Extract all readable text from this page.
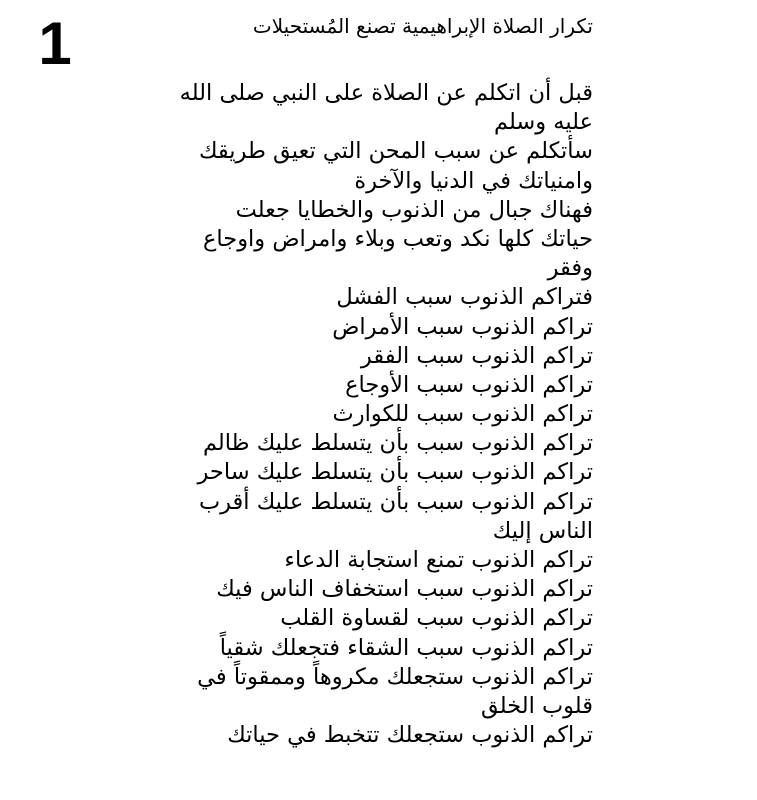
1	تكرار الصلاة الإبراهيمية تصنع المُستحيلات
قبل أن اتكلم عن الصلاة على النبي صلى الله
عليه وسلم
سأتكلم عن سبب المحن التي تعيق طريقك
وامنياتك في الدنيا والآخرة
فهناك جبال من الذنوب والخطايا جعلت
حياتك كلها نكد وتعب وبلاء وامراض واوجاع
وفقر
فتراكم الذنوب سبب الفشل
تراكم الذنوب سبب الأمراض
تراكم الذنوب سبب الفقر
تراكم الذنوب سبب الأوجاع
تراكم الذنوب سبب للكوارث
تراكم الذنوب سبب بأن يتسلط عليك ظالم
تراكم الذنوب سبب بأن يتسلط عليك ساحر
تراكم الذنوب سبب بأن يتسلط عليك أقرب
الناس إليك
تراكم الذنوب تمنع استجابة الدعاء
تراكم الذنوب سبب استخفاف الناس فيك
تراكم الذنوب سبب لقساوة القلب
تراكم الذنوب سبب الشقاء فتجعلك شقياً
تراكم الذنوب ستجعلك مكروهاً وممقوتاً في
قلوب الخلق
تراكم الذنوب ستجعلك تتخبط في حياتك
